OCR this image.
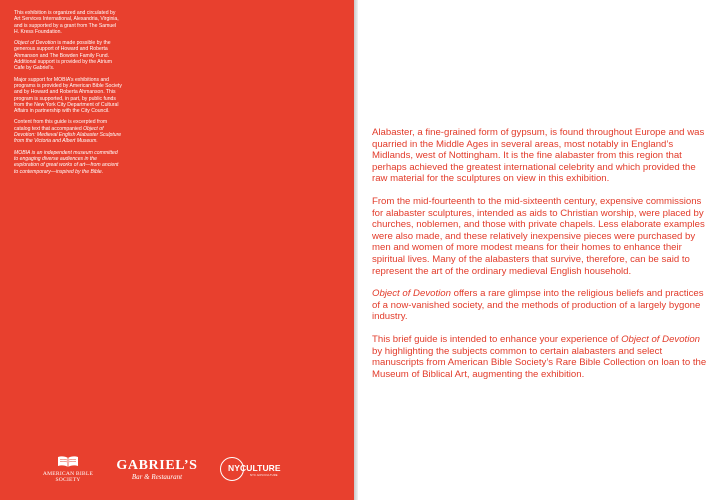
This exhibition is organized and circulated by Art Services International, Alexandria, Virginia, and is supported by a grant from The Samuel H. Kress Foundation.

Object of Devotion is made possible by the generous support of Howard and Roberta Ahmanson and The Bowden Family Fund. Additional support is provided by the Atrium Cafe by Gabriel’s.

Major support for MOBIA’s exhibitions and programs is provided by American Bible Society and by Howard and Roberta Ahmanson. This program is supported, in part, by public funds from the New York City Department of Cultural Affairs in partnership with the City Council.

Content from this guide is excerpted from catalog text that accompanied Object of Devotion: Medieval English Alabaster Sculpture from the Victoria and Albert Museum.

MOBIA is an independent museum committed to engaging diverse audiences in the exploration of great works of art—from ancient to contemporary—inspired by the Bible.

AMERICAN BIBLE SOCIETY
GABRIEL’S
Bar & Restaurant
NYCULTURE
NYC.GOV/CULTURE

Alabaster, a fine-grained form of gypsum, is found throughout Europe and was quarried in the Middle Ages in several areas, most notably in England’s Midlands, west of Nottingham. It is the fine alabaster from this region that perhaps achieved the greatest international celebrity and which provided the raw material for the sculptures on view in this exhibition.

From the mid-fourteenth to the mid-sixteenth century, expensive commissions for alabaster sculptures, intended as aids to Christian worship, were placed by churches, noblemen, and those with private chapels. Less elaborate examples were also made, and these relatively inexpensive pieces were purchased by men and women of more modest means for their homes to enhance their spiritual lives. Many of the alabasters that survive, therefore, can be said to represent the art of the ordinary medieval English household.

Object of Devotion offers a rare glimpse into the religious beliefs and practices of a now-vanished society, and the methods of production of a largely bygone industry.

This brief guide is intended to enhance your experience of Object of Devotion by highlighting the subjects common to certain alabasters and select manuscripts from American Bible Society’s Rare Bible Collection on loan to the Museum of Biblical Art, augmenting the exhibition.
